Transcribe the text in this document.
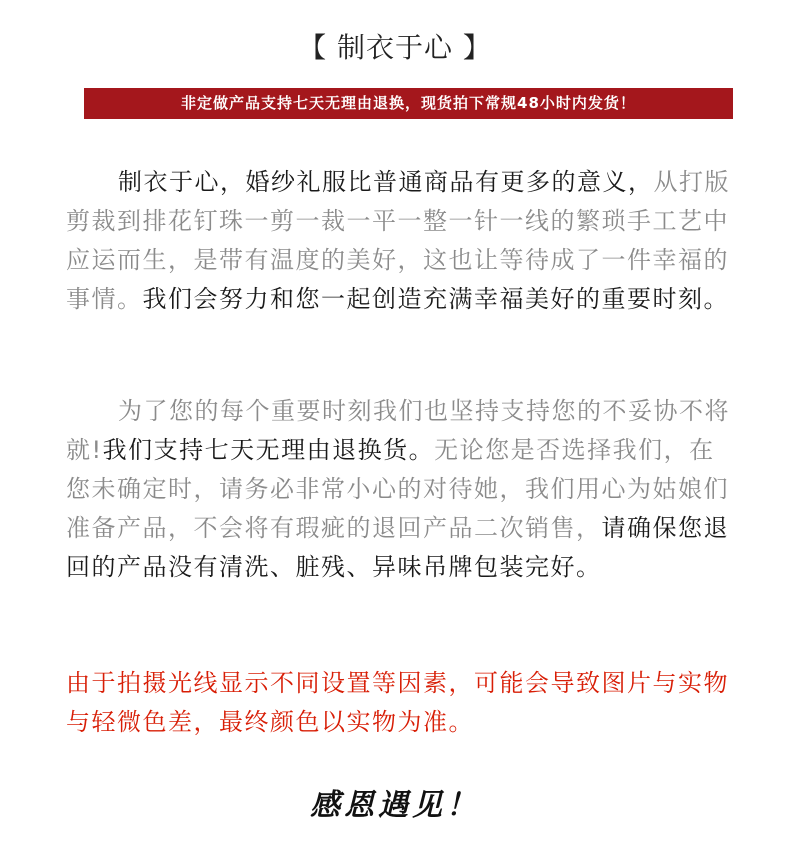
【 制衣于心 】
非定做产品支持七天无理由退换，现货拍下常规48小时内发货！

制衣于心，婚纱礼服比普通商品有更多的意义，从打版剪裁到排花钉珠一剪一裁一平一整一针一线的繁琐手工艺中应运而生，是带有温度的美好，这也让等待成了一件幸福的事情。我们会努力和您一起创造充满幸福美好的重要时刻。

为了您的每个重要时刻我们也坚持支持您的不妥协不将就!我们支持七天无理由退换货。无论您是否选择我们，在您未确定时，请务必非常小心的对待她，我们用心为姑娘们准备产品，不会将有瑕疵的退回产品二次销售，请确保您退回的产品没有清洗、脏残、异味吊牌包装完好。

由于拍摄光线显示不同设置等因素，可能会导致图片与实物与轻微色差，最终颜色以实物为准。

感恩遇见！
